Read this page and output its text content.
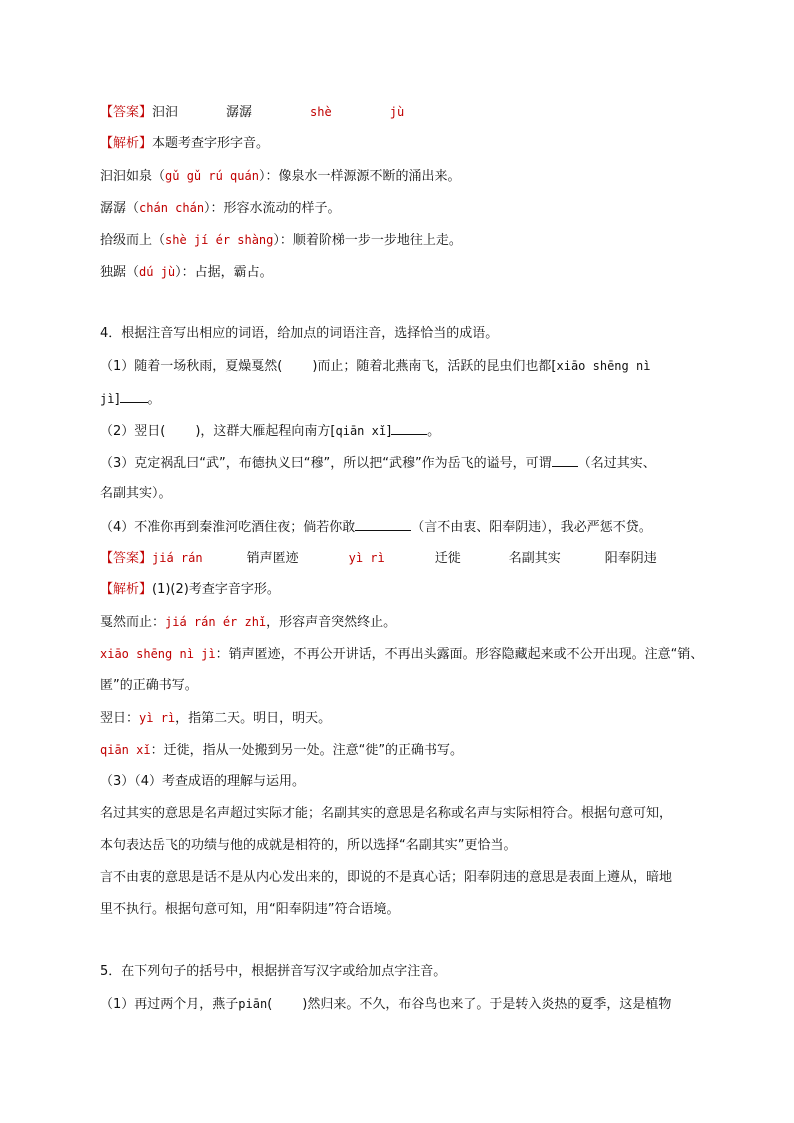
【答案】汩汩	潺潺	shè	jù
【解析】本题考查字形字音。
汩汩如泉（gǔ gǔ rú quán）：像泉水一样源源不断的涌出来。
潺潺（chán chán）：形容水流动的样子。
拾级而上（shè jí ér shàng）：顺着阶梯一步一步地往上走。
独踞（dú jù）：占据，霸占。
4．根据注音写出相应的词语，给加点的词语注音，选择恰当的成语。
（1）随着一场秋雨，夏燥戛然( )而止；随着北燕南飞，活跃的昆虫们也都[xiāo shēng nì
jì] 。
（2）翌日( )，这群大雁起程向南方[qiān xǐ]	。
（3）克定祸乱曰“武”，布德执义曰“穆”，所以把“武穆”作为岳飞的谥号，可谓 （名过其实、
名副其实）。
（4）不准你再到秦淮河吃酒住夜；倘若你敢	（言不由衷、阳奉阴违），我必严惩不贷。
【答案】jiá rán	销声匿迹	yì rì	迁徙	名副其实	阳奉阴违
【解析】(1)(2)考查字音字形。
戛然而止：jiá rán ér zhǐ，形容声音突然终止。
xiāo shēng nì jì：销声匿迹，不再公开讲话，不再出头露面。形容隐藏起来或不公开出现。注意“销、
匿”的正确书写。
翌日：yì rì，指第二天。明日，明天。
qiān xǐ：迁徙，指从一处搬到另一处。注意“徙”的正确书写。
（3）（4）考查成语的理解与运用。
名过其实的意思是名声超过实际才能；名副其实的意思是名称或名声与实际相符合。根据句意可知，
本句表达岳飞的功绩与他的成就是相符的，所以选择“名副其实”更恰当。
言不由衷的意思是话不是从内心发出来的，即说的不是真心话；阳奉阴违的意思是表面上遵从，暗地
里不执行。根据句意可知，用“阳奉阴违”符合语境。
5．在下列句子的括号中，根据拼音写汉字或给加点字注音。
（1）再过两个月，燕子piān( )然归来。不久，布谷鸟也来了。于是转入炎热的夏季，这是植物
